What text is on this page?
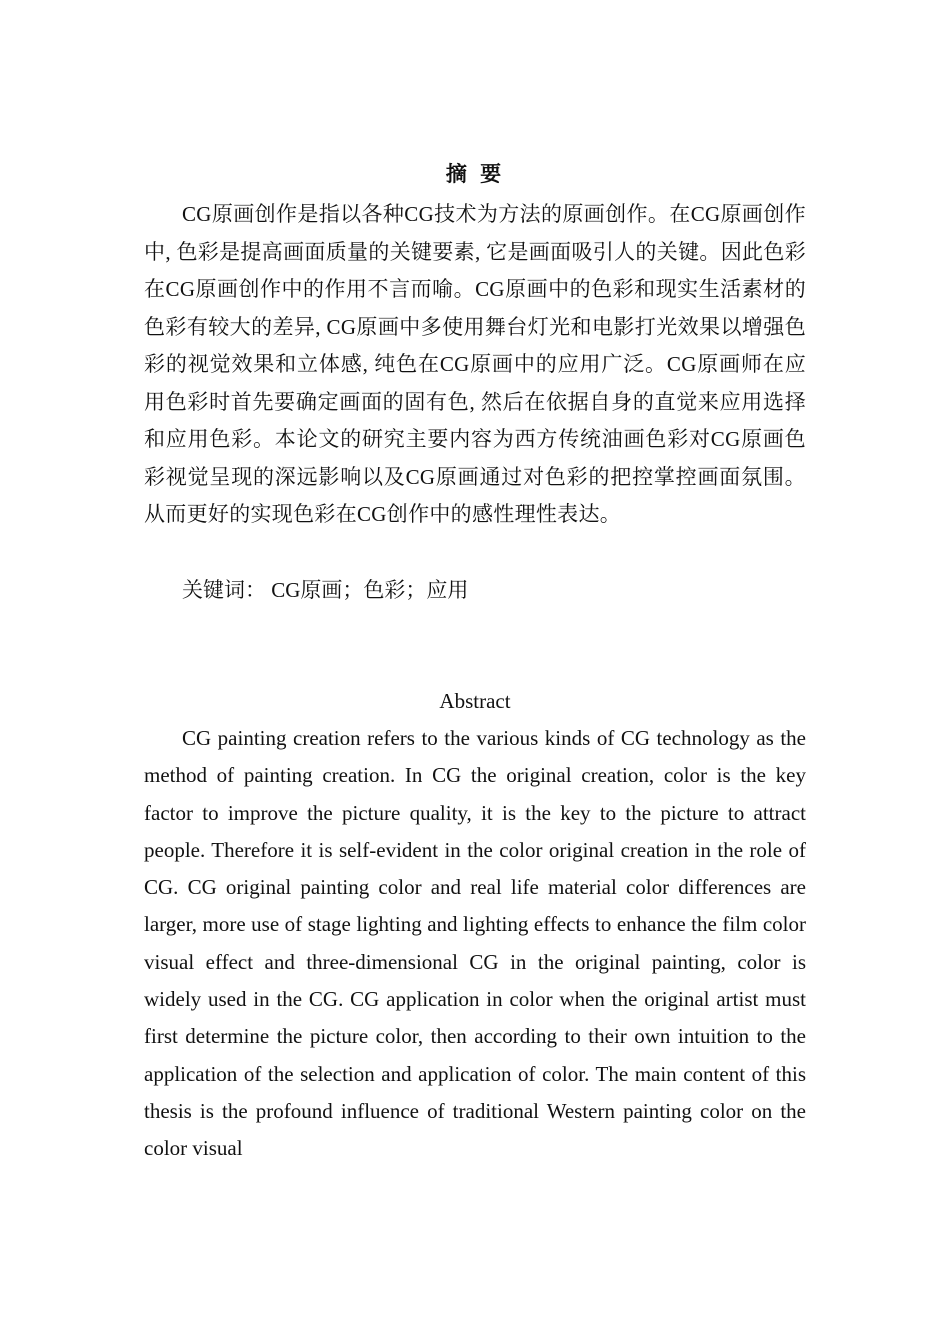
摘 要

CG原画创作是指以各种CG技术为方法的原画创作。在CG原画创作中, 色彩是提高画面质量的关键要素, 它是画面吸引人的关键。因此色彩在CG原画创作中的作用不言而喻。CG原画中的色彩和现实生活素材的色彩有较大的差异, CG原画中多使用舞台灯光和电影打光效果以增强色彩的视觉效果和立体感, 纯色在CG原画中的应用广泛。CG原画师在应用色彩时首先要确定画面的固有色, 然后在依据自身的直觉来应用选择和应用色彩。本论文的研究主要内容为西方传统油画色彩对CG原画色彩视觉呈现的深远影响以及CG原画通过对色彩的把控掌控画面氛围。从而更好的实现色彩在CG创作中的感性理性表达。

关键词： CG原画；色彩；应用

Abstract

CG painting creation refers to the various kinds of CG technology as the method of painting creation. In CG the original creation, color is the key factor to improve the picture quality, it is the key to the picture to attract people. Therefore it is self-evident in the color original creation in the role of CG. CG original painting color and real life material color differences are larger, more use of stage lighting and lighting effects to enhance the film color visual effect and three-dimensional CG in the original painting, color is widely used in the CG. CG application in color when the original artist must first determine the picture color, then according to their own intuition to the application of the selection and application of color. The main content of this thesis is the profound influence of traditional Western painting color on the color visual
